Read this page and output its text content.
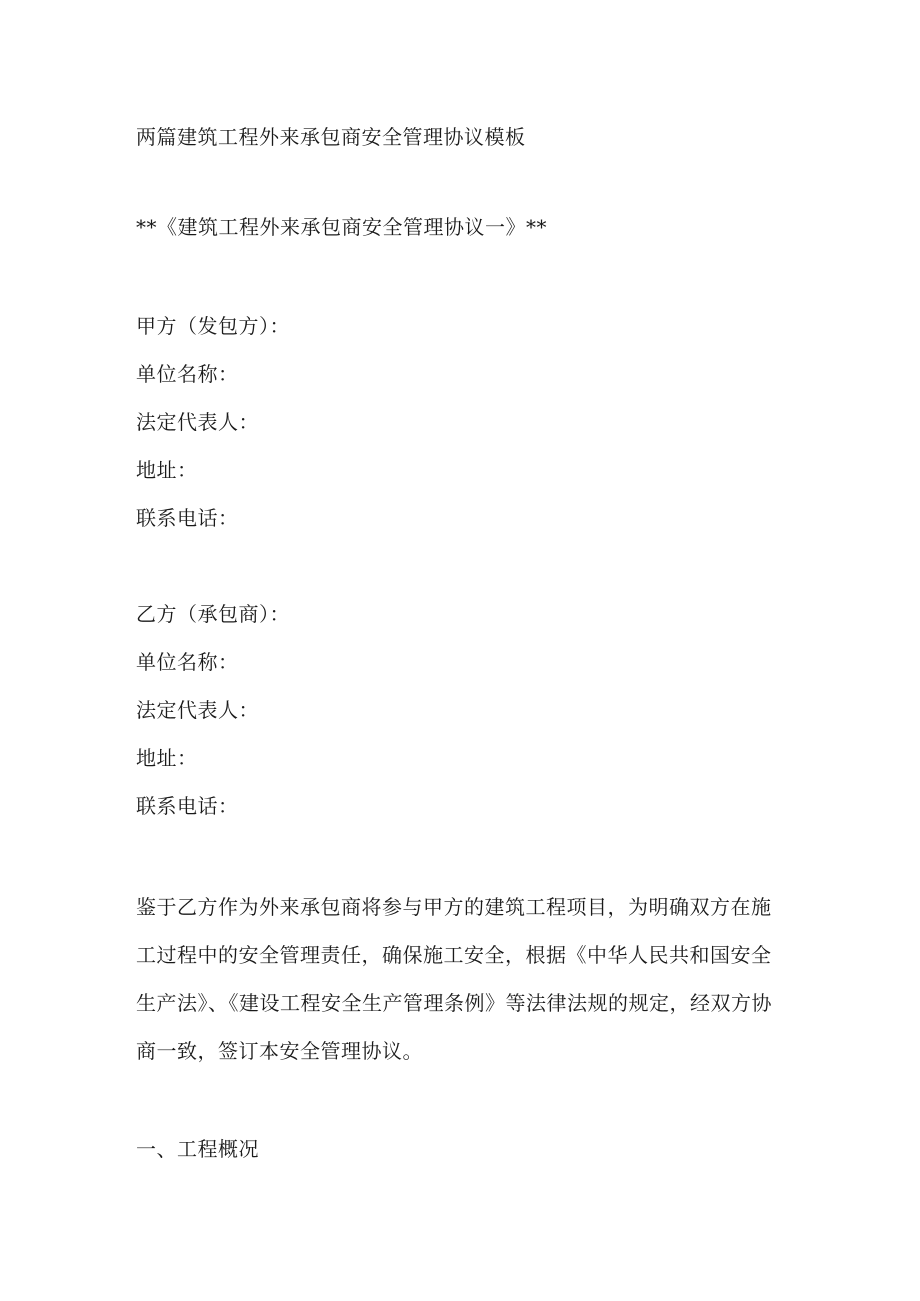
两篇建筑工程外来承包商安全管理协议模板
**《建筑工程外来承包商安全管理协议一》**
甲方（发包方）：
单位名称：
法定代表人：
地址：
联系电话：
乙方（承包商）：
单位名称：
法定代表人：
地址：
联系电话：
鉴于乙方作为外来承包商将参与甲方的建筑工程项目，为明确双方在施工过程中的安全管理责任，确保施工安全，根据《中华人民共和国安全生产法》、《建设工程安全生产管理条例》等法律法规的规定，经双方协商一致，签订本安全管理协议。
一、工程概况
